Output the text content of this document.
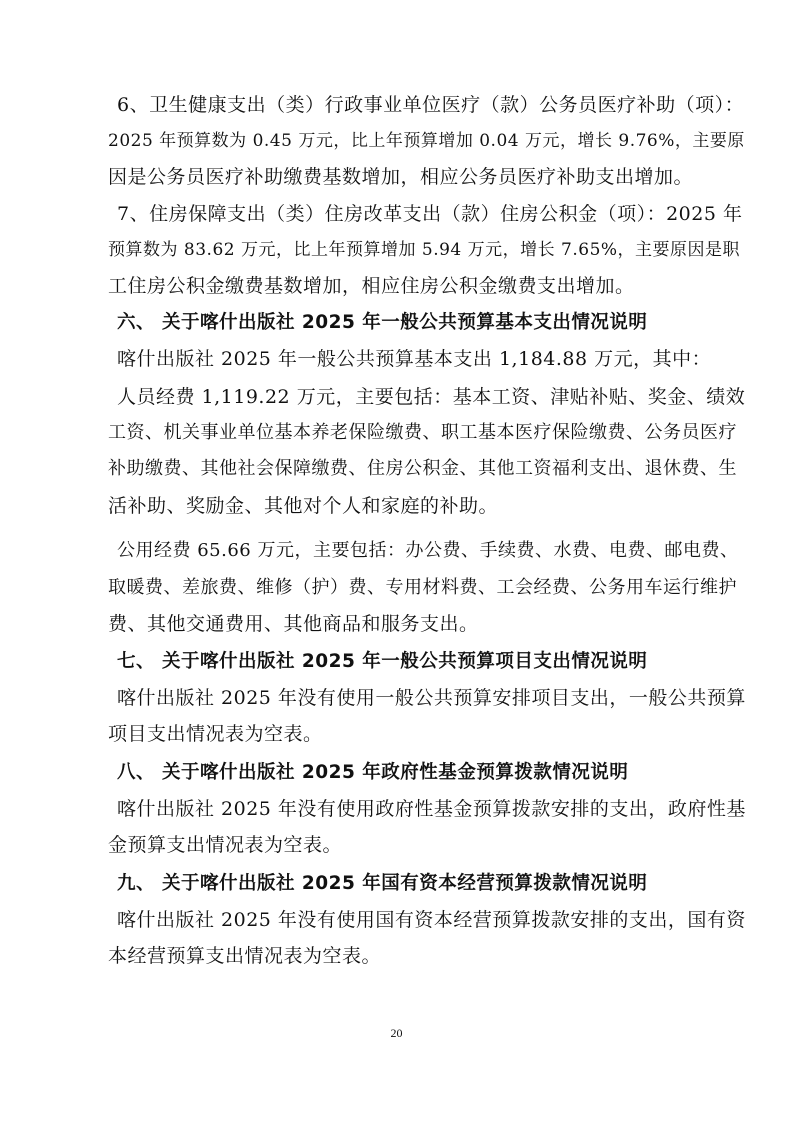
6、卫生健康支出（类）行政事业单位医疗（款）公务员医疗补助（项）：
2025 年预算数为 0.45 万元，比上年预算增加 0.04 万元，增长 9.76%，主要原
因是公务员医疗补助缴费基数增加，相应公务员医疗补助支出增加。
7、住房保障支出（类）住房改革支出（款）住房公积金（项）：2025 年
预算数为 83.62 万元，比上年预算增加 5.94 万元，增长 7.65%，主要原因是职
工住房公积金缴费基数增加，相应住房公积金缴费支出增加。
六、 关于喀什出版社 2025 年一般公共预算基本支出情况说明
喀什出版社 2025 年一般公共预算基本支出 1,184.88 万元，其中：
人员经费 1,119.22 万元，主要包括：基本工资、津贴补贴、奖金、绩效
工资、机关事业单位基本养老保险缴费、职工基本医疗保险缴费、公务员医疗
补助缴费、其他社会保障缴费、住房公积金、其他工资福利支出、退休费、生
活补助、奖励金、其他对个人和家庭的补助。
公用经费 65.66 万元，主要包括：办公费、手续费、水费、电费、邮电费、
取暖费、差旅费、维修（护）费、专用材料费、工会经费、公务用车运行维护
费、其他交通费用、其他商品和服务支出。
七、 关于喀什出版社 2025 年一般公共预算项目支出情况说明
喀什出版社 2025 年没有使用一般公共预算安排项目支出，一般公共预算
项目支出情况表为空表。
八、 关于喀什出版社 2025 年政府性基金预算拨款情况说明
喀什出版社 2025 年没有使用政府性基金预算拨款安排的支出，政府性基
金预算支出情况表为空表。
九、 关于喀什出版社 2025 年国有资本经营预算拨款情况说明
喀什出版社 2025 年没有使用国有资本经营预算拨款安排的支出，国有资
本经营预算支出情况表为空表。
20
